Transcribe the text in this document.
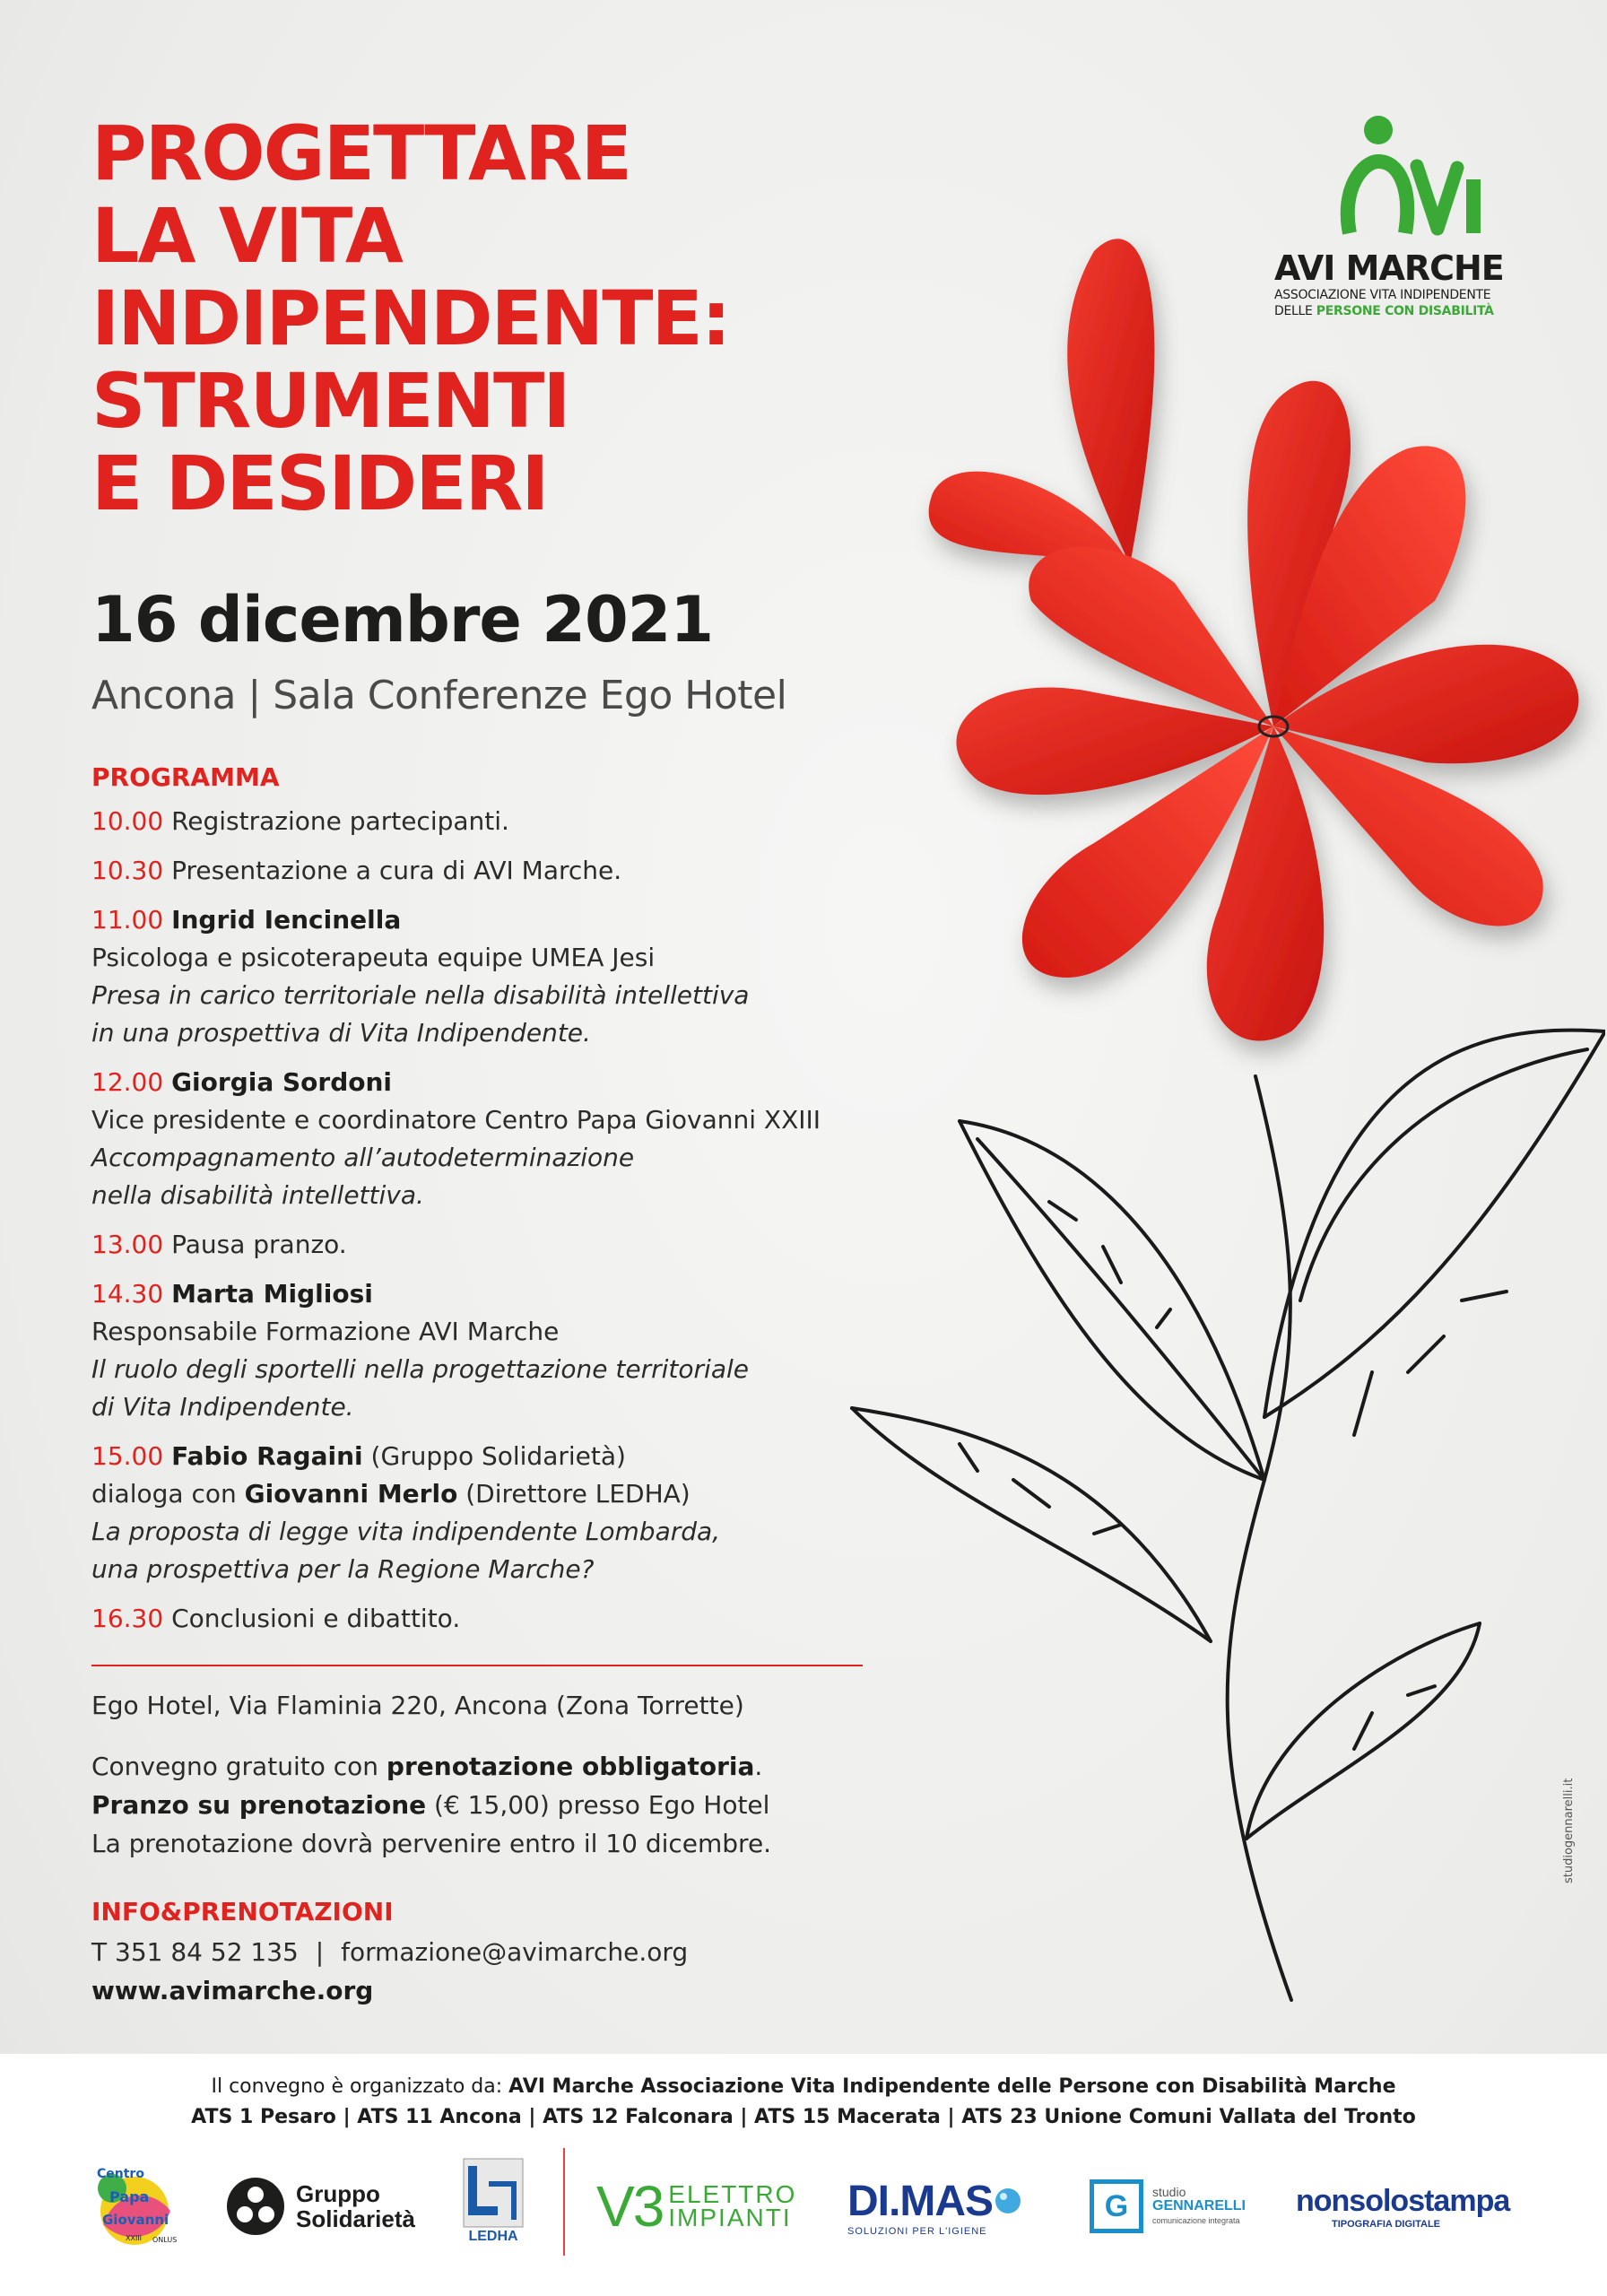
PROGETTARE
LA VITA
INDIPENDENTE:
STRUMENTI
E DESIDERI
AVI MARCHE
ASSOCIAZIONE VITA INDIPENDENTE
DELLE PERSONE CON DISABILITÀ

16 dicembre 2021

Ancona | Sala Conferenze Ego Hotel

PROGRAMMA

10.00 Registrazione partecipanti.
10.30 Presentazione a cura di AVI Marche.
11.00 Ingrid Iencinella
Psicologa e psicoterapeuta equipe UMEA Jesi
Presa in carico territoriale nella disabilità intellettiva
in una prospettiva di Vita Indipendente.
12.00 Giorgia Sordoni
Vice presidente e coordinatore Centro Papa Giovanni XXIII
Accompagnamento all’autodeterminazione
nella disabilità intellettiva.
13.00 Pausa pranzo.
14.30 Marta Migliosi
Responsabile Formazione AVI Marche
Il ruolo degli sportelli nella progettazione territoriale
di Vita Indipendente.
15.00 Fabio Ragaini (Gruppo Solidarietà)
dialoga con Giovanni Merlo (Direttore LEDHA)
La proposta di legge vita indipendente Lombarda,
una prospettiva per la Regione Marche?
16.30 Conclusioni e dibattito.

Ego Hotel, Via Flaminia 220, Ancona (Zona Torrette)

Convegno gratuito con prenotazione obbligatoria.
Pranzo su prenotazione (€ 15,00) presso Ego Hotel
La prenotazione dovrà pervenire entro il 10 dicembre.

INFO&PRENOTAZIONI

T 351 84 52 135 | formazione@avimarche.org
www.avimarche.org
studiogennarelli.it
Il convegno è organizzato da: AVI Marche Associazione Vita Indipendente delle Persone con Disabilità Marche
ATS 1 Pesaro | ATS 11 Ancona | ATS 12 Falconara | ATS 15 Macerata | ATS 23 Unione Comuni Vallata del Tronto
Centro
Papa
Giovanni
XXIII ONLUS
Gruppo
Solidarietà
LEDHA V3 ELETTRO
IMPIANTI DI.MAS
SOLUZIONI PER L'IGIENE
G studio
GENNARELLI
comunicazione integrata
nonsolostampa
TIPOGRAFIA DIGITALE
